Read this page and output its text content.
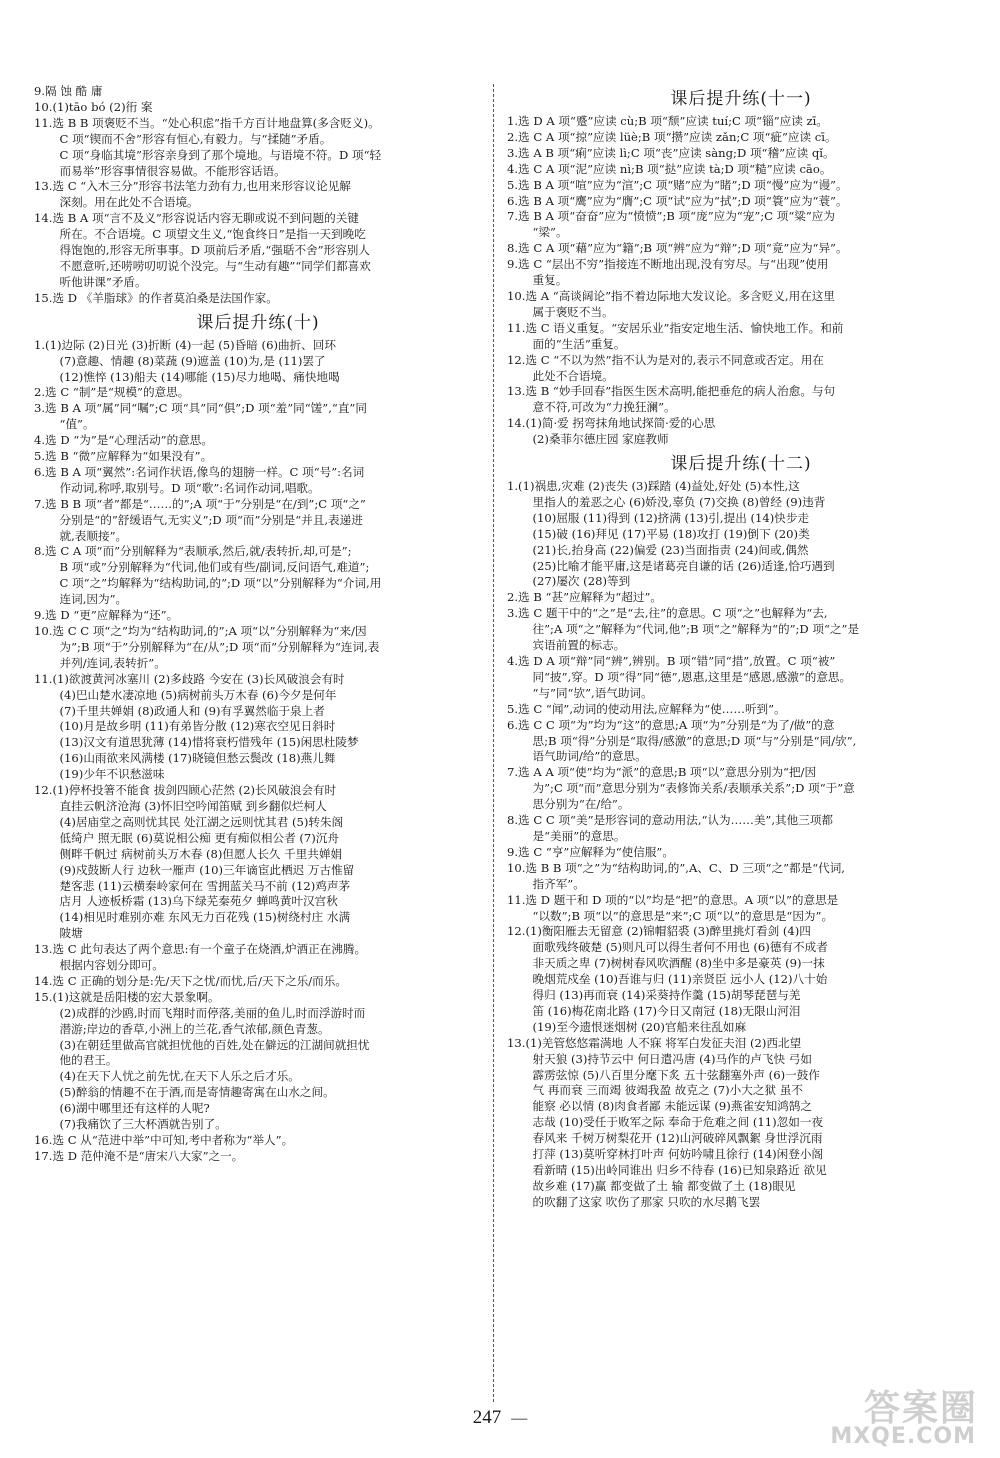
9.隔 蚀 酷 庸

10.(1)tāo bó (2)衎 案

11.选 B B 项褒贬不当。“处心积虑”指千方百计地盘算(多含贬义)。

C 项“锲而不舍”形容有恒心,有毅力。与“揉随”矛盾。

C 项“身临其境”形容亲身到了那个境地。与语境不符。D 项“轻

而易举”形容事情很容易做。不能形容话语。

13.选 C “入木三分”形容书法笔力劲有力,也用来形容议论见解

深刻。用在此处不合语境。

14.选 B A 项“言不及义”形容说话内容无聊或说不到问题的关键

所在。不合语境。C 项望文生义,“饱食终日”是指一天到晚吃

得饱饱的,形容无所事事。D 项前后矛盾,“强聒不舍”形容别人

不愿意听,还唠唠叨叨说个没完。与“生动有趣”“同学们都喜欢

听他讲课”矛盾。

15.选 D 《羊脂球》的作者莫泊桑是法国作家。

课后提升练(十)

1.(1)边际 (2)日光 (3)折断 (4)一起 (5)昏暗 (6)曲折、回环

(7)意趣、情趣 (8)菜蔬 (9)遮盖 (10)为,是 (11)罢了

(12)憔悴 (13)船夫 (14)哪能 (15)尽力地喝、痛快地喝

2.选 C “制”是“规模”的意思。

3.选 B A 项“属”同“嘱”;C 项“具”同“俱”;D 项“羞”同“馐”,“直”同

“值”。

4.选 D “为”是“心理活动”的意思。

5.选 B “微”应解释为“如果没有”。

6.选 B A 项“翼然”:名词作状语,像鸟的翅膀一样。C 项“号”:名词

作动词,称呼,取别号。D 项“歌”:名词作动词,唱歌。

7.选 B B 项“者”都是“……的”;A 项“于”分别是“在/到”;C 项“之”

分别是“的”舒缓语气,无实义”;D 项“而”分别是“并且,表递进

就,表顺接”。

8.选 C A 项“而”分别解释为“表顺承,然后,就/表转折,却,可是”;

B 项“或”分别解释为“代词,他们或有些/副词,反问语气,难道”;

C 项“之”均解释为“结构助词,的”;D 项“以”分别解释为“介词,用

连词,因为”。

9.选 D “更”应解释为“还”。

10.选 C C 项“之”均为“结构助词,的”;A 项“以”分别解释为“来/因

为”;B 项“于”分别解释为“在/从”;D 项“而”分别解释为“连词,表

并列/连词,表转折”。

11.(1)欲渡黄河冰塞川 (2)多歧路 今安在 (3)长风破浪会有时

(4)巴山楚水凄凉地 (5)病树前头万木春 (6)今夕是何年

(7)千里共婵娟 (8)政通人和 (9)有孚翼然临于泉上者

(10)月是故乡明 (11)有弟皆分散 (12)寒衣空见日斜时

(13)汉文有道思犹薄 (14)惜将衰朽惜残年 (15)闲思杜陵梦

(16)山雨欲来风满楼 (17)晓镜但愁云鬓改 (18)燕儿舞

(19)少年不识愁滋味

12.(1)停杯投箸不能食 拔剑四顾心茫然 (2)长风破浪会有时

直挂云帆济沧海 (3)怀旧空吟闻笛赋 到乡翻似烂柯人

(4)居庙堂之高则忧其民 处江湖之远则忧其君 (5)转朱阁

低绮户 照无眠 (6)莫说相公痴 更有痴似相公者 (7)沉舟

侧畔千帆过 病树前头万木春 (8)但愿人长久 千里共婵娟

(9)戍鼓断人行 边秋一雁声 (10)三年谪宦此栖迟 万古惟留

楚客悲 (11)云横秦岭家何在 雪拥蓝关马不前 (12)鸡声茅

店月 人迹板桥霜 (13)乌下绿芜秦苑夕 蝉鸣黄叶汉宫秋

(14)相见时难别亦难 东风无力百花残 (15)树绕村庄 水满

陂塘

13.选 C 此句表达了两个意思:有一个童子在烧酒,炉酒正在沸腾。

根据内容划分即可。

14.选 C 正确的划分是:先/天下之忧/而忧,后/天下之乐/而乐。

15.(1)这就是岳阳楼的宏大景象啊。

(2)成群的沙鸥,时而飞翔时而停落,美丽的鱼儿,时而浮游时而

潜游;岸边的香草,小洲上的兰花,香气浓郁,颜色青葱。

(3)在朝廷里做高官就担忧他的百姓,处在僻远的江湖间就担忧

他的君王。

(4)在天下人忧之前先忧,在天下人乐之后才乐。

(5)醉翁的情趣不在于酒,而是寄情趣寄寓在山水之间。

(6)湖中哪里还有这样的人呢?

(7)我痛饮了三大杯酒就告别了。

16.选 C 从“范进中举”中可知,考中者称为“举人”。

17.选 D 范仲淹不是“唐宋八大家”之一。

课后提升练(十一)

1.选 D A 项“蹙”应读 cù;B 项“颓”应读 tuí;C 项“锱”应读 zī。

2.选 C A 项“掠”应读 lüè;B 项“攒”应读 zǎn;C 项“疵”应读 cī。

3.选 A B 项“痢”应读 lì;C 项“丧”应读 sàng;D 项“稽”应读 qǐ。

4.选 C A 项“泥”应读 nì;B 项“挞”应读 tà;D 项“糙”应读 cāo。

5.选 B A 项“喧”应为“渲”;C 项“赌”应为“睹”;D 项“慢”应为“谩”。

6.选 B A 项“鹰”应为“膺”;C 项“试”应为“拭”;D 项“簑”应为“蓑”。

7.选 B A 项“奋奋”应为“愤愤”;B 项“庞”应为“宠”;C 项“粱”应为

“梁”。

8.选 C A 项“藉”应为“籍”;B 项“辨”应为“辩”;D 项“竟”应为“异”。

9.选 C “层出不穷”指接连不断地出现,没有穷尽。与“出现”使用

重复。

10.选 A “高谈阔论”指不着边际地大发议论。多含贬义,用在这里

属于褒贬不当。

11.选 C 语义重复。“安居乐业”指安定地生活、愉快地工作。和前

面的“生活”重复。

12.选 C “不以为然”指不认为是对的,表示不同意或否定。用在

此处不合语境。

13.选 B “妙手回春”指医生医术高明,能把垂危的病人治愈。与句

意不符,可改为“力挽狂澜”。

14.(1)简·爱 拐弯抹角地试探简·爱的心思

(2)桑菲尔德庄园 家庭教师

课后提升练(十二)

1.(1)祸患,灾难 (2)丧失 (3)踩踏 (4)益处,好处 (5)本性,这

里指人的羞恶之心 (6)娇没,辜负 (7)交换 (8)曾经 (9)违背

(10)屈服 (11)得到 (12)挤满 (13)引,提出 (14)快步走

(15)破 (16)拜见 (17)平易 (18)攻打 (19)倒下 (20)类

(21)长,抬身高 (22)偏爱 (23)当面指责 (24)间或,偶然

(25)比喻才能平庸,这是诸葛亮自谦的话 (26)适逢,恰巧遇到

(27)屡次 (28)等到

2.选 B “甚”应解释为“超过”。

3.选 C 题干中的“之”是“去,往”的意思。C 项“之”也解释为“去,

往”;A 项“之”解释为“代词,他”;B 项“之”解释为“的”;D 项“之”是

宾语前置的标志。

4.选 D A 项“辩”同“辨”,辨别。B 项“错”同“措”,放置。C 项“被”

同“披”,穿。D 项“得”同“德”,恩惠,这里是“感恩,感激”的意思。

“与”同“欤”,语气助词。

5.选 C “闻”,动词的使动用法,应解释为“使……听到”。

6.选 C C 项“为”均为“这”的意思;A 项“为”分别是“为了/做”的意

思;B 项“得”分别是“取得/感激”的意思;D 项“与”分别是“同/欤”,

语气助词/给”的意思。

7.选 A A 项“使”均为“派”的意思;B 项“以”意思分别为“把/因

为”;C 项“而”意思分别为“表修饰关系/表顺承关系”;D 项“于”意

思分别为“在/给”。

8.选 C C 项“美”是形容词的意动用法,“认为……美”,其他三项都

是“美丽”的意思。

9.选 C “亨”应解释为“使信服”。

10.选 B B 项“之”为“结构助词,的”,A、C、D 三项“之”都是“代词,

指齐军”。

11.选 D 题干和 D 项的“以”均是“把”的意思。A 项“以”的意思是

“以数”;B 项“以”的意思是“来”;C 项“以”的意思是“因为”。

12.(1)衡阳雁去无留意 (2)锦帽貂裘 (3)醉里挑灯看剑 (4)四

面歌残终破楚 (5)则凡可以得生者何不用也 (6)德有不成者

非天质之卑 (7)树树春风吹酒醒 (8)坐中多是豪英 (9)一抹

晚烟荒戍垒 (10)吾谁与归 (11)亲贤臣 远小人 (12)八十始

得归 (13)再而衰 (14)采葵持作羹 (15)胡琴琵琶与羌

笛 (16)梅花南北路 (17)今日又南冠 (18)无限山河泪

(19)至今遗恨迷烟树 (20)官船来往乱如麻

13.(1)羌管悠悠霜满地 人不寐 将军白发征夫泪 (2)西北望

射天狼 (3)持节云中 何日遣冯唐 (4)马作的卢飞快 弓如

霹雳弦惊 (5)八百里分麾下炙 五十弦翻塞外声 (6)一鼓作

气 再而衰 三而竭 彼竭我盈 故克之 (7)小大之狱 虽不

能察 必以情 (8)肉食者鄙 未能远谋 (9)燕雀安知鸿鹄之

志哉 (10)受任于败军之际 奉命于危难之间 (11)忽如一夜

春风来 千树万树梨花开 (12)山河破碎风飘絮 身世浮沉雨

打萍 (13)莫听穿林打叶声 何妨吟啸且徐行 (14)闲登小阁

看新晴 (15)出岭同谁出 归乡不待春 (16)已知泉路近 欲见

故乡难 (17)赢 都变做了土 输 都变做了土 (18)眼见

的吹翻了这家 吹伤了那家 只吹的水尽鹅飞罢

247 —	答案圈
MXQE.COM
